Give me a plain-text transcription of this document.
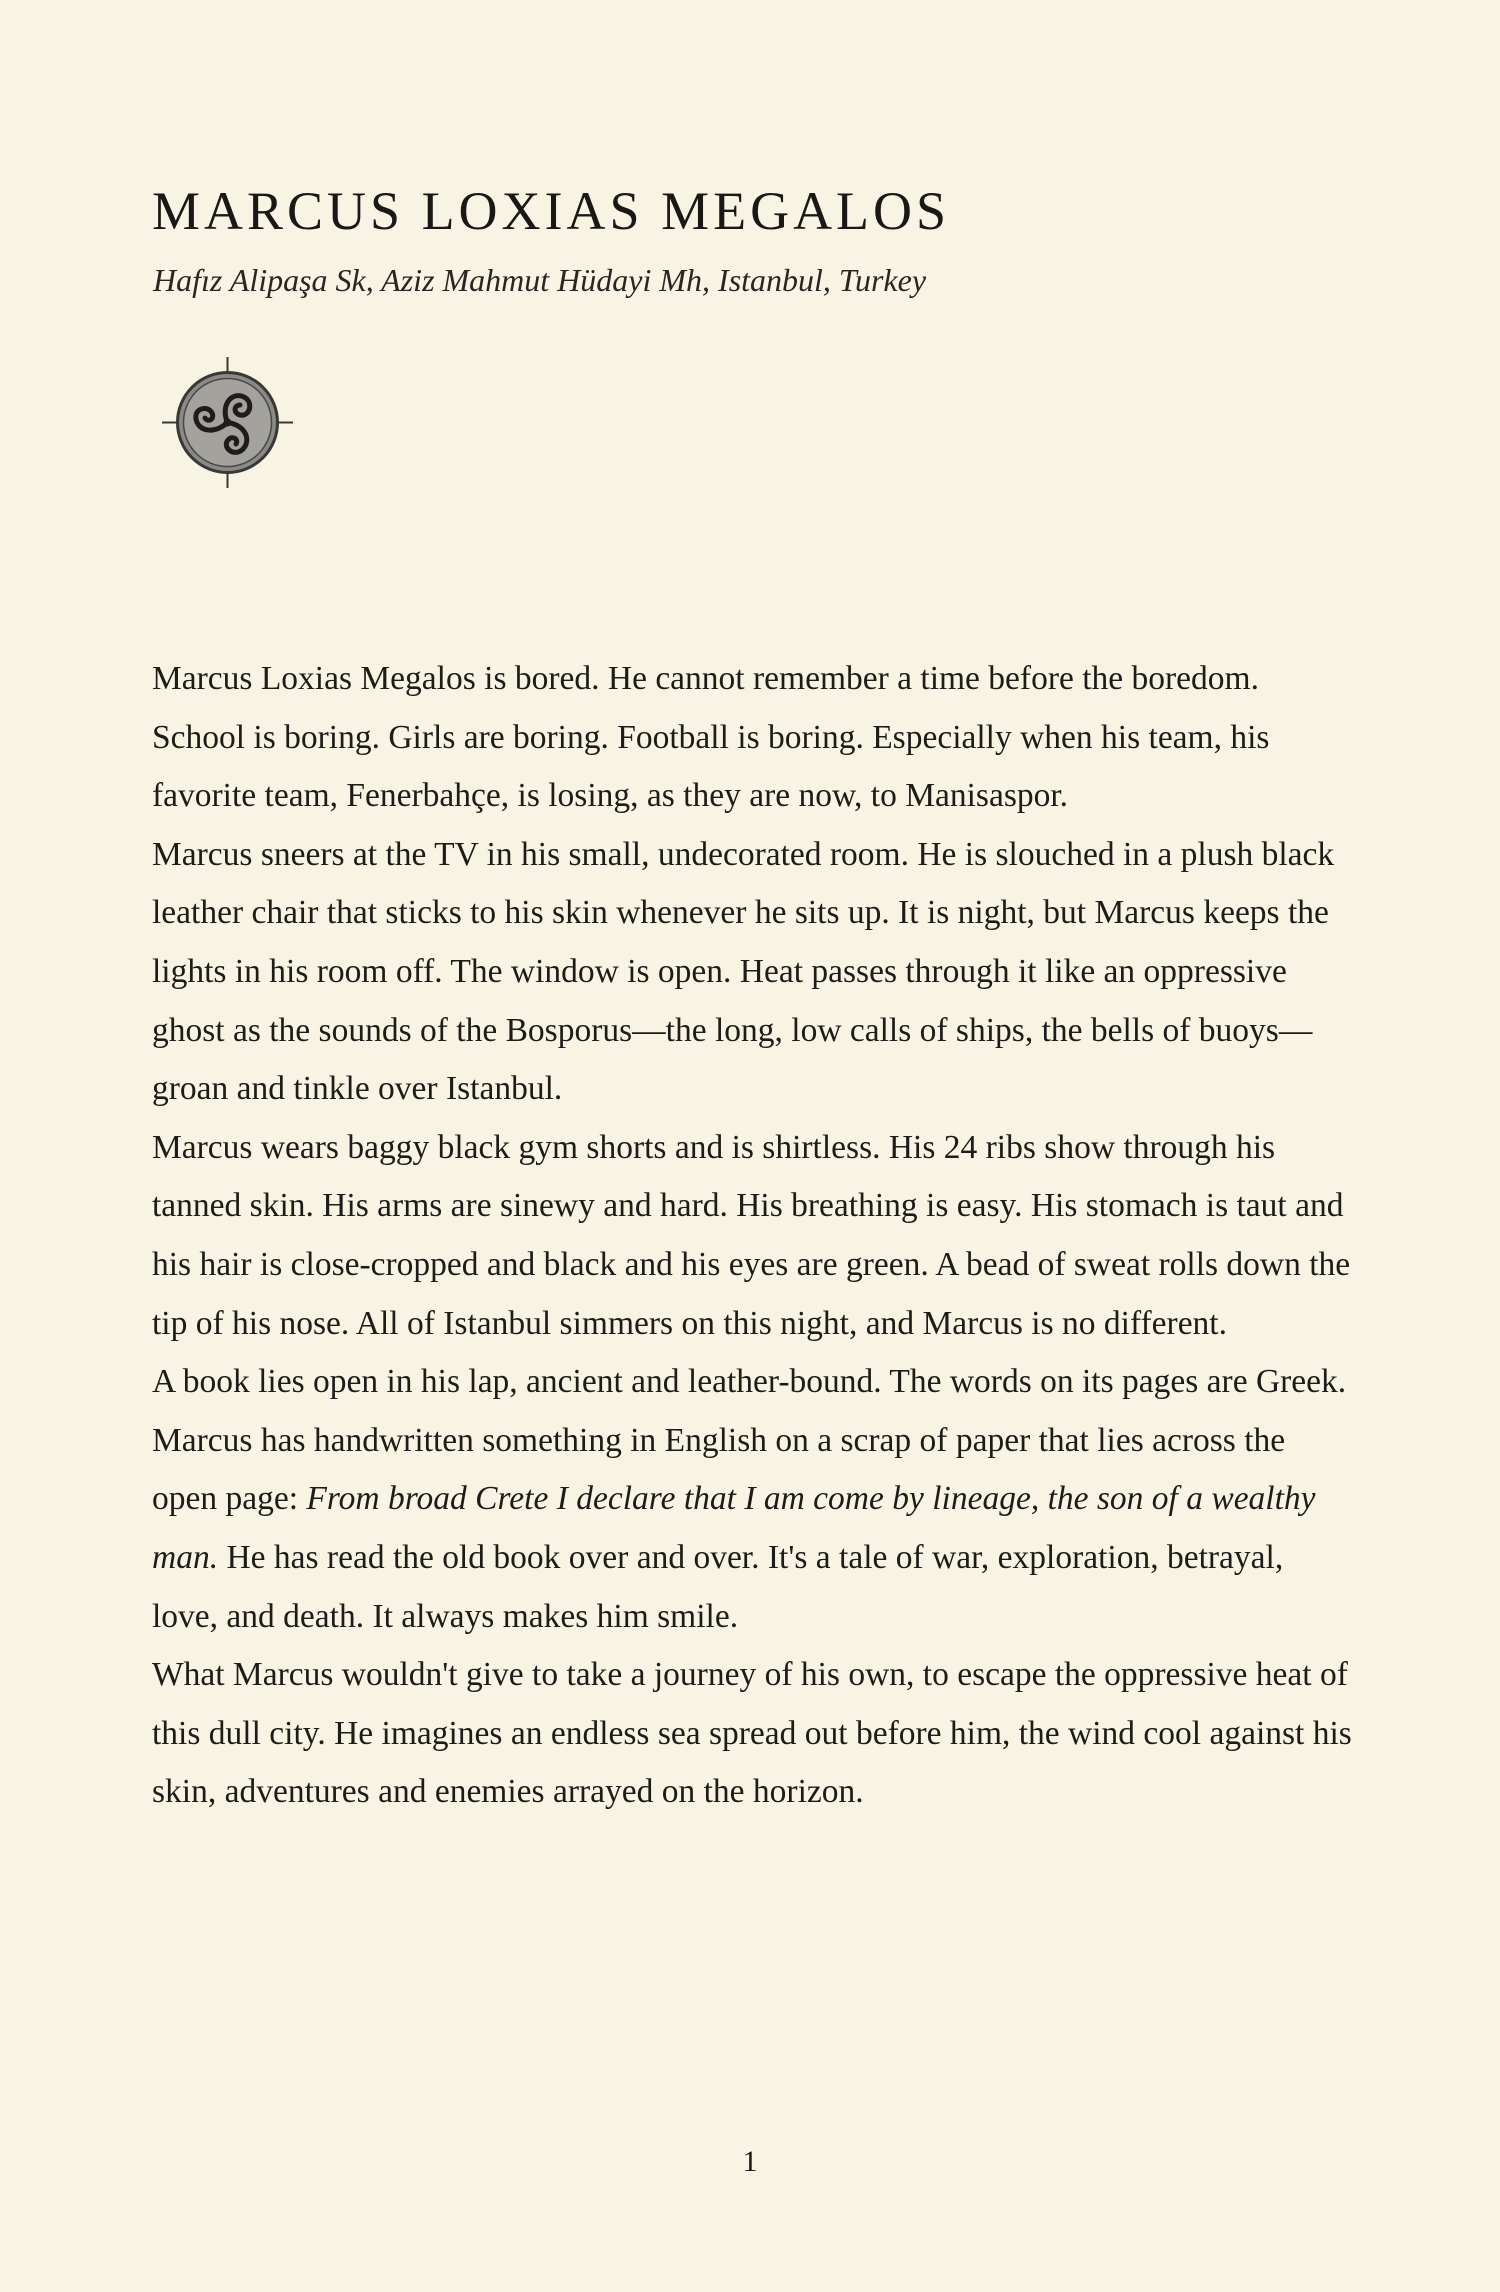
MARCUS LOXIAS MEGALOS
Hafız Alipaşa Sk, Aziz Mahmut Hüdayi Mh, Istanbul, Turkey

Marcus Loxias Megalos is bored. He cannot remember a time before the boredom. School is boring. Girls are boring. Football is boring. Especially when his team, his favorite team, Fenerbahçe, is losing, as they are now, to Manisaspor.

Marcus sneers at the TV in his small, undecorated room. He is slouched in a plush black leather chair that sticks to his skin whenever he sits up. It is night, but Marcus keeps the lights in his room off. The window is open. Heat passes through it like an oppressive ghost as the sounds of the Bosporus—the long, low calls of ships, the bells of buoys—groan and tinkle over Istanbul.

Marcus wears baggy black gym shorts and is shirtless. His 24 ribs show through his tanned skin. His arms are sinewy and hard. His breathing is easy. His stomach is taut and his hair is close-cropped and black and his eyes are green. A bead of sweat rolls down the tip of his nose. All of Istanbul simmers on this night, and Marcus is no different.

A book lies open in his lap, ancient and leather-bound. The words on its pages are Greek. Marcus has handwritten something in English on a scrap of paper that lies across the open page: From broad Crete I declare that I am come by lineage, the son of a wealthy man. He has read the old book over and over. It's a tale of war, exploration, betrayal, love, and death. It always makes him smile.

What Marcus wouldn't give to take a journey of his own, to escape the oppressive heat of this dull city. He imagines an endless sea spread out before him, the wind cool against his skin, adventures and enemies arrayed on the horizon.

1
